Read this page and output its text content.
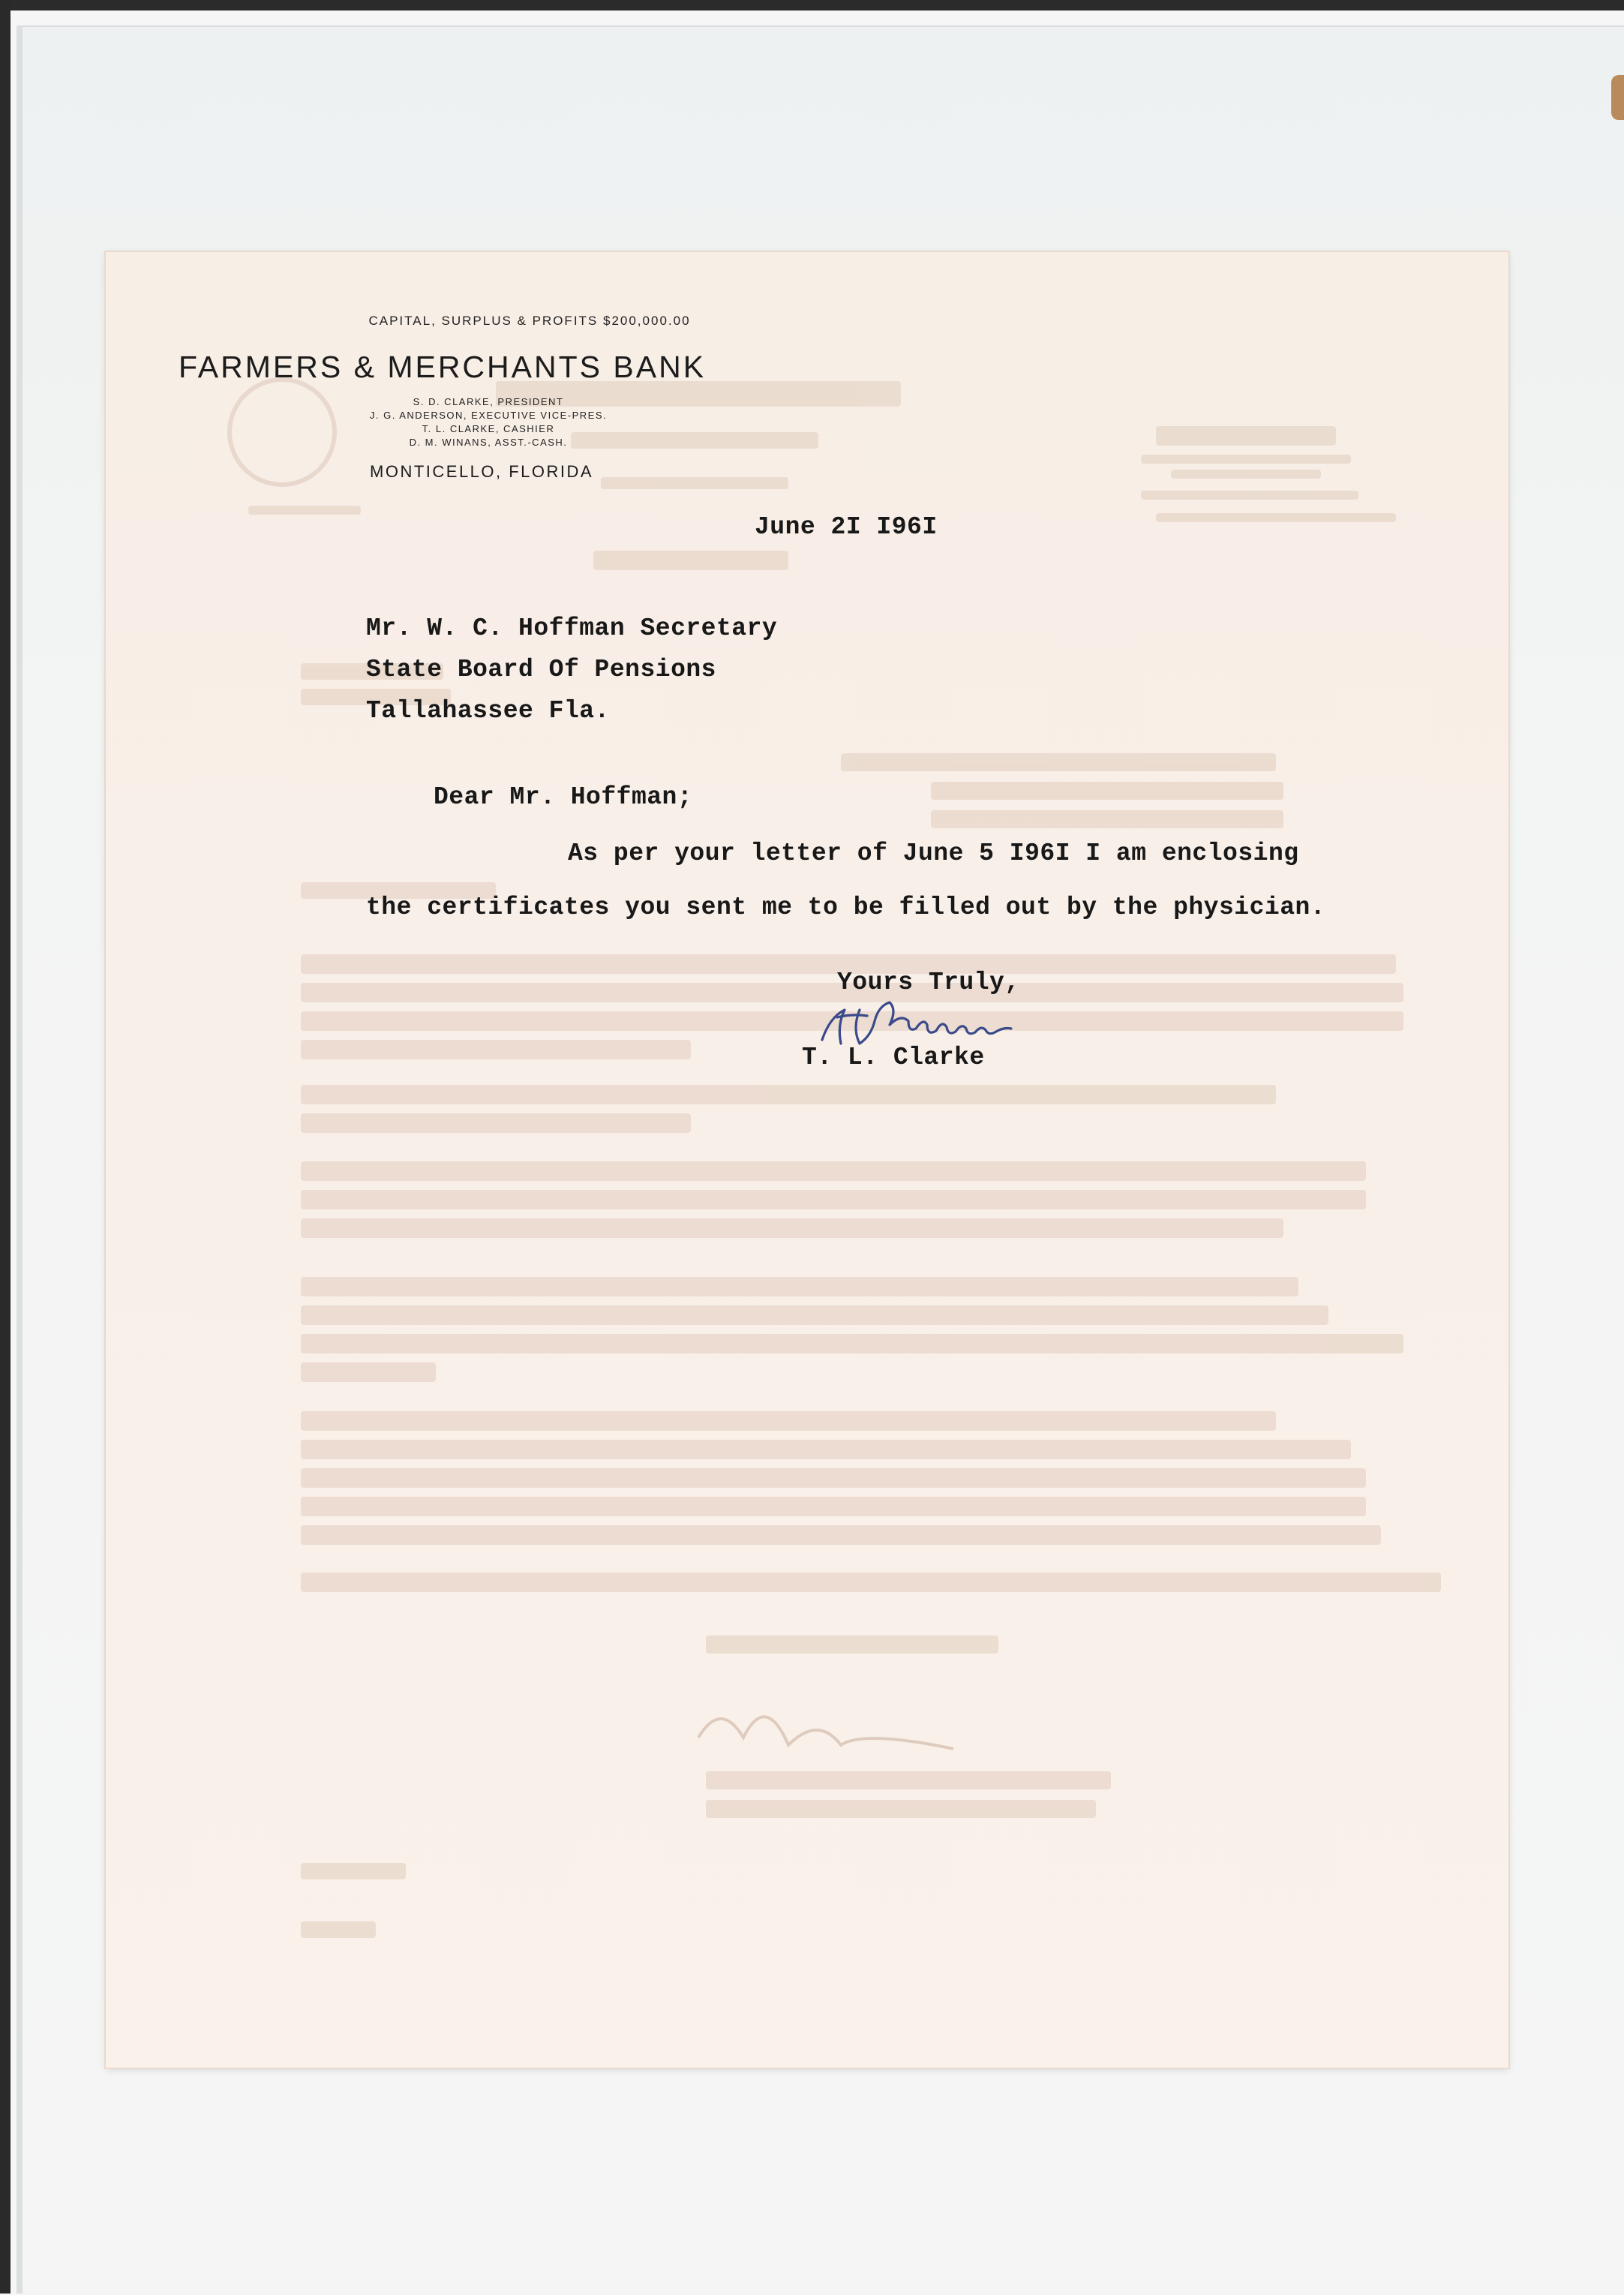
CAPITAL, SURPLUS & PROFITS $200,000.00
FARMERS & MERCHANTS BANK
S. D. CLARKE, PRESIDENT
J. G. ANDERSON, EXECUTIVE VICE-PRES.
T. L. CLARKE, CASHIER
D. M. WINANS, ASST.-CASH.
MONTICELLO, FLORIDA
June 2I I96I
Mr. W. C. Hoffman Secretary
State Board Of Pensions
Tallahassee Fla.
Dear Mr. Hoffman;
As per your letter of June 5 I96I I am enclosing
the certificates you sent me to be filled out by the physician.
Yours Truly,
T. L. Clarke
